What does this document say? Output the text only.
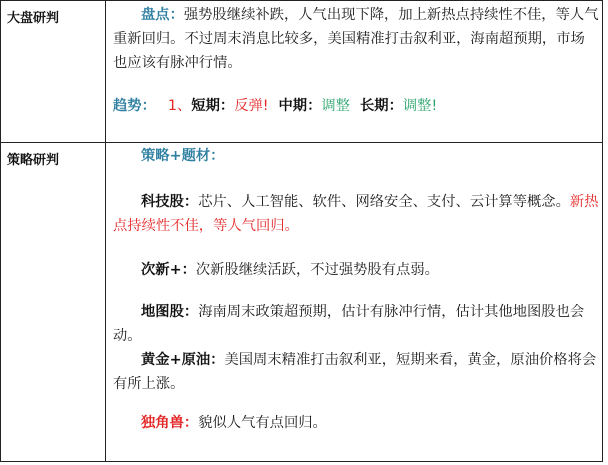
大盘研判	盘点：强势股继续补跌，人气出现下降，加上新热点持续性不佳，等人气重新回归。不过周末消息比较多，美国精准打击叙利亚，海南超预期，市场也应该有脉冲行情。

趋势： 1、短期：反弹! 中期：调整 长期：调整!

策略研判	策略+题材：

科技股：芯片、人工智能、软件、网络安全、支付、云计算等概念。新热点持续性不佳，等人气回归。

次新+：次新股继续活跃，不过强势股有点弱。

地图股：海南周末政策超预期，估计有脉冲行情，估计其他地图股也会动。

黄金+原油：美国周末精准打击叙利亚，短期来看，黄金，原油价格将会有所上涨。

独角兽：貌似人气有点回归。
